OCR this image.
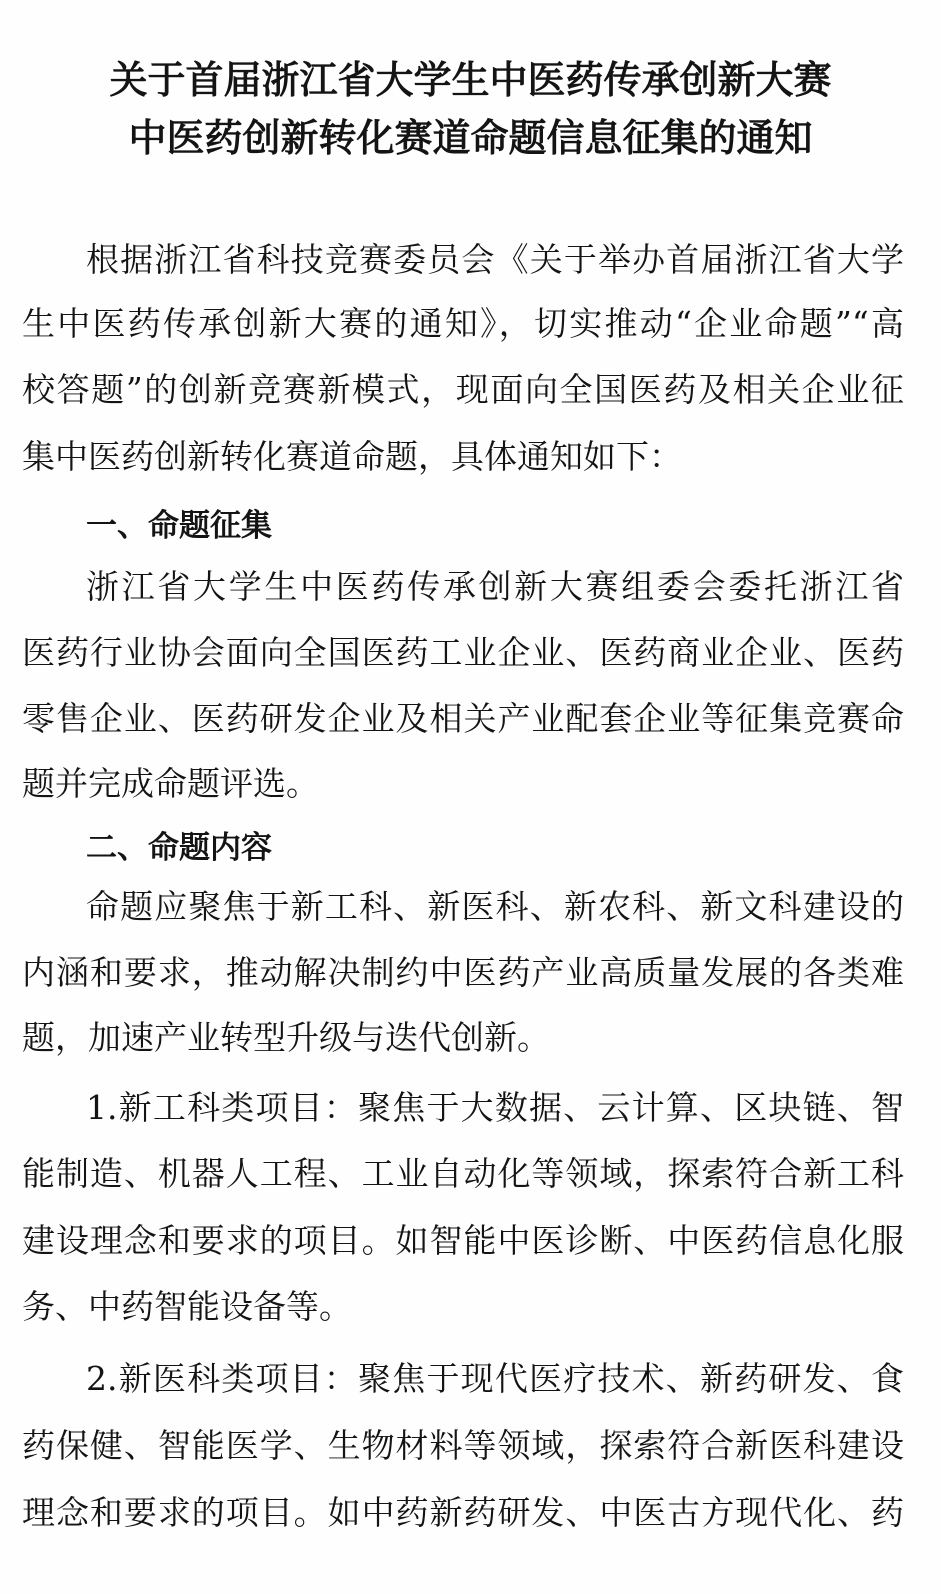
关于首届浙江省大学生中医药传承创新大赛
中医药创新转化赛道命题信息征集的通知
根据浙江省科技竞赛委员会《关于举办首届浙江省大学
生中医药传承创新大赛的通知》，切实推动“企业命题”“高
校答题”的创新竞赛新模式，现面向全国医药及相关企业征
集中医药创新转化赛道命题，具体通知如下：
一、命题征集
浙江省大学生中医药传承创新大赛组委会委托浙江省
医药行业协会面向全国医药工业企业、医药商业企业、医药
零售企业、医药研发企业及相关产业配套企业等征集竞赛命
题并完成命题评选。
二、命题内容
命题应聚焦于新工科、新医科、新农科、新文科建设的
内涵和要求，推动解决制约中医药产业高质量发展的各类难
题，加速产业转型升级与迭代创新。
1.新工科类项目：聚焦于大数据、云计算、区块链、智
能制造、机器人工程、工业自动化等领域，探索符合新工科
建设理念和要求的项目。如智能中医诊断、中医药信息化服
务、中药智能设备等。
2.新医科类项目：聚焦于现代医疗技术、新药研发、食
药保健、智能医学、生物材料等领域，探索符合新医科建设
理念和要求的项目。如中药新药研发、中医古方现代化、药
